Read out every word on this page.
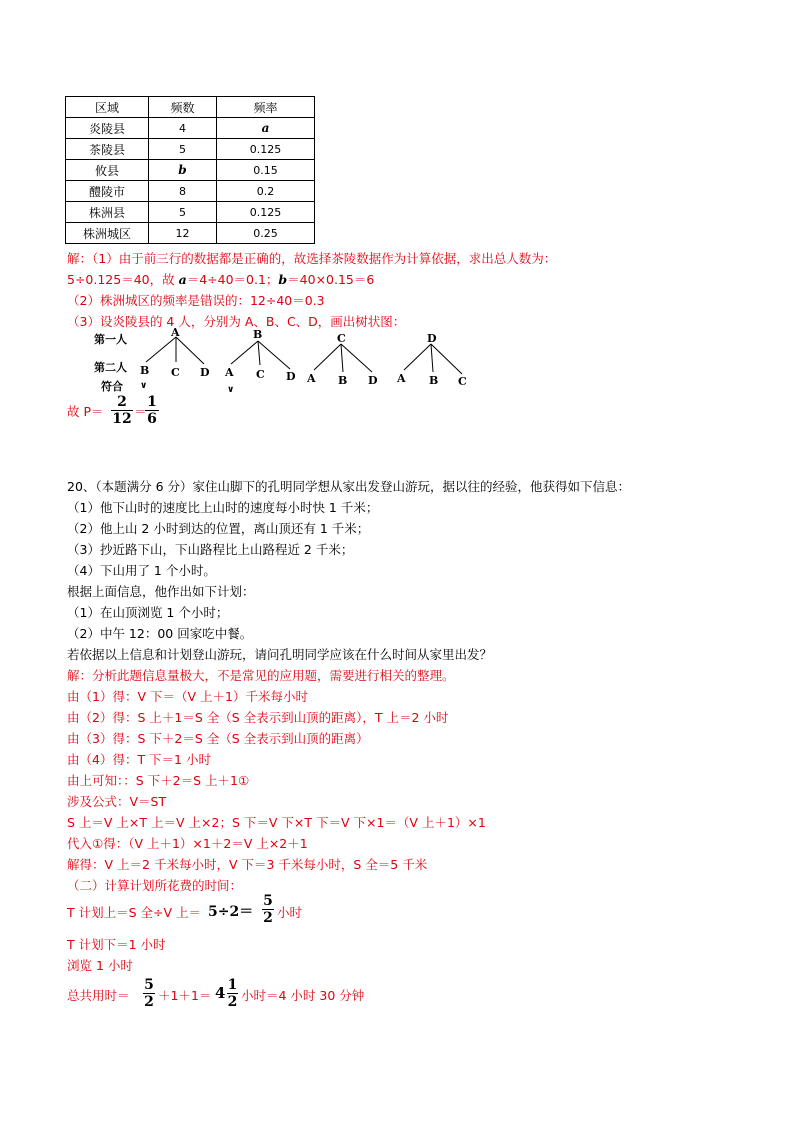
区域	频数	频率
炎陵县	4	a
茶陵县	5	0.125
攸县	b	0.15
醴陵市	8	0.2
株洲县	5	0.125
株洲城区	12	0.25
解：（1）由于前三行的数据都是正确的，故选择茶陵数据作为计算依据，求出总人数为：
5÷0.125＝40，故 a＝4÷40＝0.1；b＝40×0.15＝6
（2）株洲城区的频率是错误的：12÷40＝0.3
（3）设炎陵县的 4 人，分别为 A、B、C、D，画出树状图：
第一人
第二人
符合
A
B C D
∨
B
A C D
∨
C
A B D
D
A B C
故 P＝
2
12 ＝
1
6
20、（本题满分 6 分）家住山脚下的孔明同学想从家出发登山游玩，据以往的经验，他获得如下信息：
（1）他下山时的速度比上山时的速度每小时快 1 千米；
（2）他上山 2 小时到达的位置，离山顶还有 1 千米；
（3）抄近路下山，下山路程比上山路程近 2 千米；
（4）下山用了 1 个小时。
根据上面信息，他作出如下计划：
（1）在山顶浏览 1 个小时；
（2）中午 12：00 回家吃中餐。
若依据以上信息和计划登山游玩，请问孔明同学应该在什么时间从家里出发？
解：分析此题信息量极大，不是常见的应用题，需要进行相关的整理。
由（1）得：V 下＝（V 上＋1）千米每小时
由（2）得：S 上＋1＝S 全（S 全表示到山顶的距离），T 上＝2 小时
由（3）得：S 下＋2＝S 全（S 全表示到山顶的距离）
由（4）得：T 下＝1 小时
由上可知：：S 下＋2＝S 上＋1①
涉及公式：V＝ST
S 上＝V 上×T 上＝V 上×2；S 下＝V 下×T 下＝V 下×1＝（V 上＋1）×1
代入①得：（V 上＋1）×1＋2＝V 上×2＋1
解得：V 上＝2 千米每小时，V 下＝3 千米每小时，S 全＝5 千米
（二）计算计划所花费的时间：
T 计划上＝S 全÷V 上＝ 5÷2＝
5
2 小时
T 计划下＝1 小时
浏览 1 小时
总共用时＝
5
2 ＋1＋1＝ 4 1
2 小时＝4 小时 30 分钟
